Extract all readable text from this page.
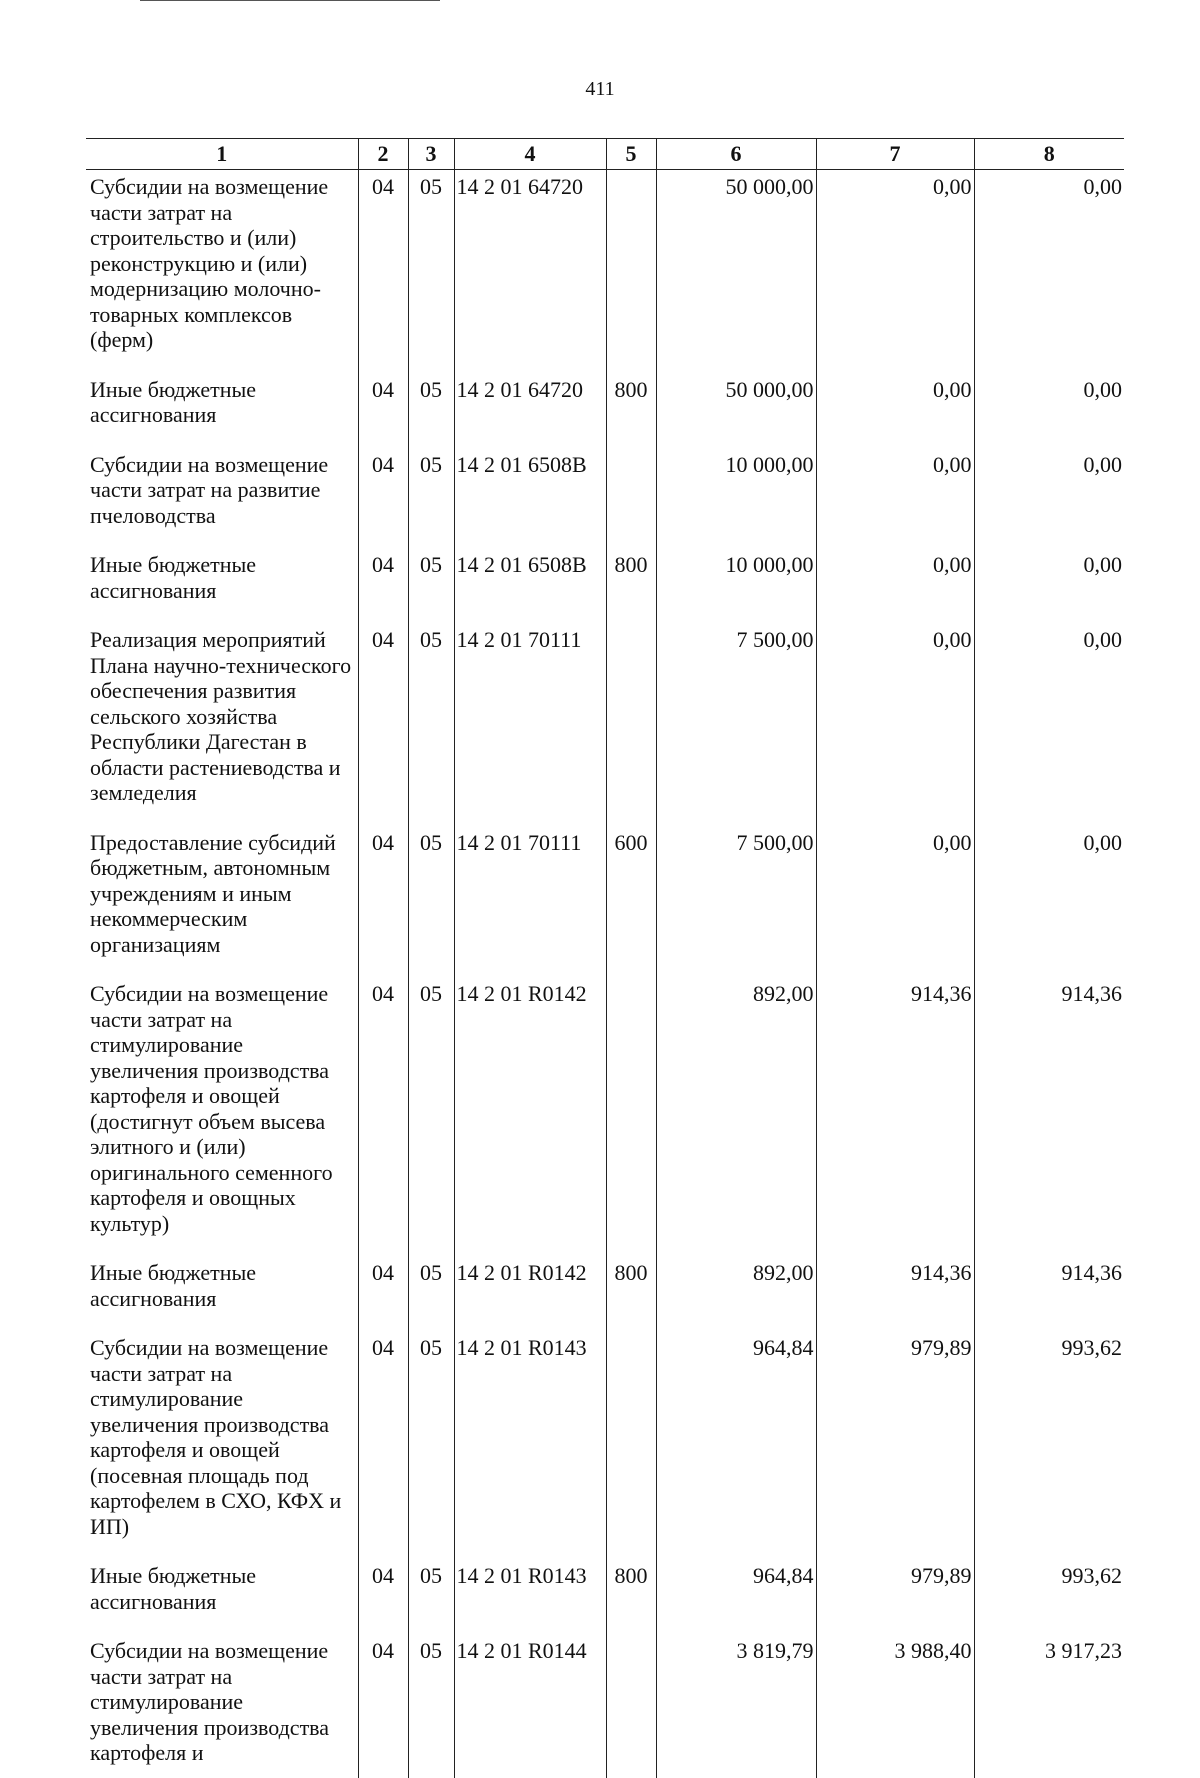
411
1	2	3	4	5	6	7	8
Субсидии на возмещение части затрат на строительство и (или) реконструкцию и (или) модернизацию молочно-товарных комплексов (ферм)	04	05	14 2 01 64720		50 000,00	0,00	0,00
Иные бюджетные ассигнования	04	05	14 2 01 64720	800	50 000,00	0,00	0,00
Субсидии на возмещение части затрат на развитие пчеловодства	04	05	14 2 01 6508В		10 000,00	0,00	0,00
Иные бюджетные ассигнования	04	05	14 2 01 6508В	800	10 000,00	0,00	0,00
Реализация мероприятий Плана научно-технического обеспечения развития сельского хозяйства Республики Дагестан в области растениеводства и земледелия	04	05	14 2 01 70111		7 500,00	0,00	0,00
Предоставление субсидий бюджетным, автономным учреждениям и иным некоммерческим организациям	04	05	14 2 01 70111	600	7 500,00	0,00	0,00
Субсидии на возмещение части затрат на стимулирование увеличения производства картофеля и овощей (достигнут объем высева элитного и (или) оригинального семенного картофеля и овощных культур)	04	05	14 2 01 R0142		892,00	914,36	914,36
Иные бюджетные ассигнования	04	05	14 2 01 R0142	800	892,00	914,36	914,36
Субсидии на возмещение части затрат на стимулирование увеличения производства картофеля и овощей (посевная площадь под картофелем в СХО, КФХ и ИП)	04	05	14 2 01 R0143		964,84	979,89	993,62
Иные бюджетные ассигнования	04	05	14 2 01 R0143	800	964,84	979,89	993,62
Субсидии на возмещение части затрат на стимулирование увеличения производства картофеля и	04	05	14 2 01 R0144		3 819,79	3 988,40	3 917,23
